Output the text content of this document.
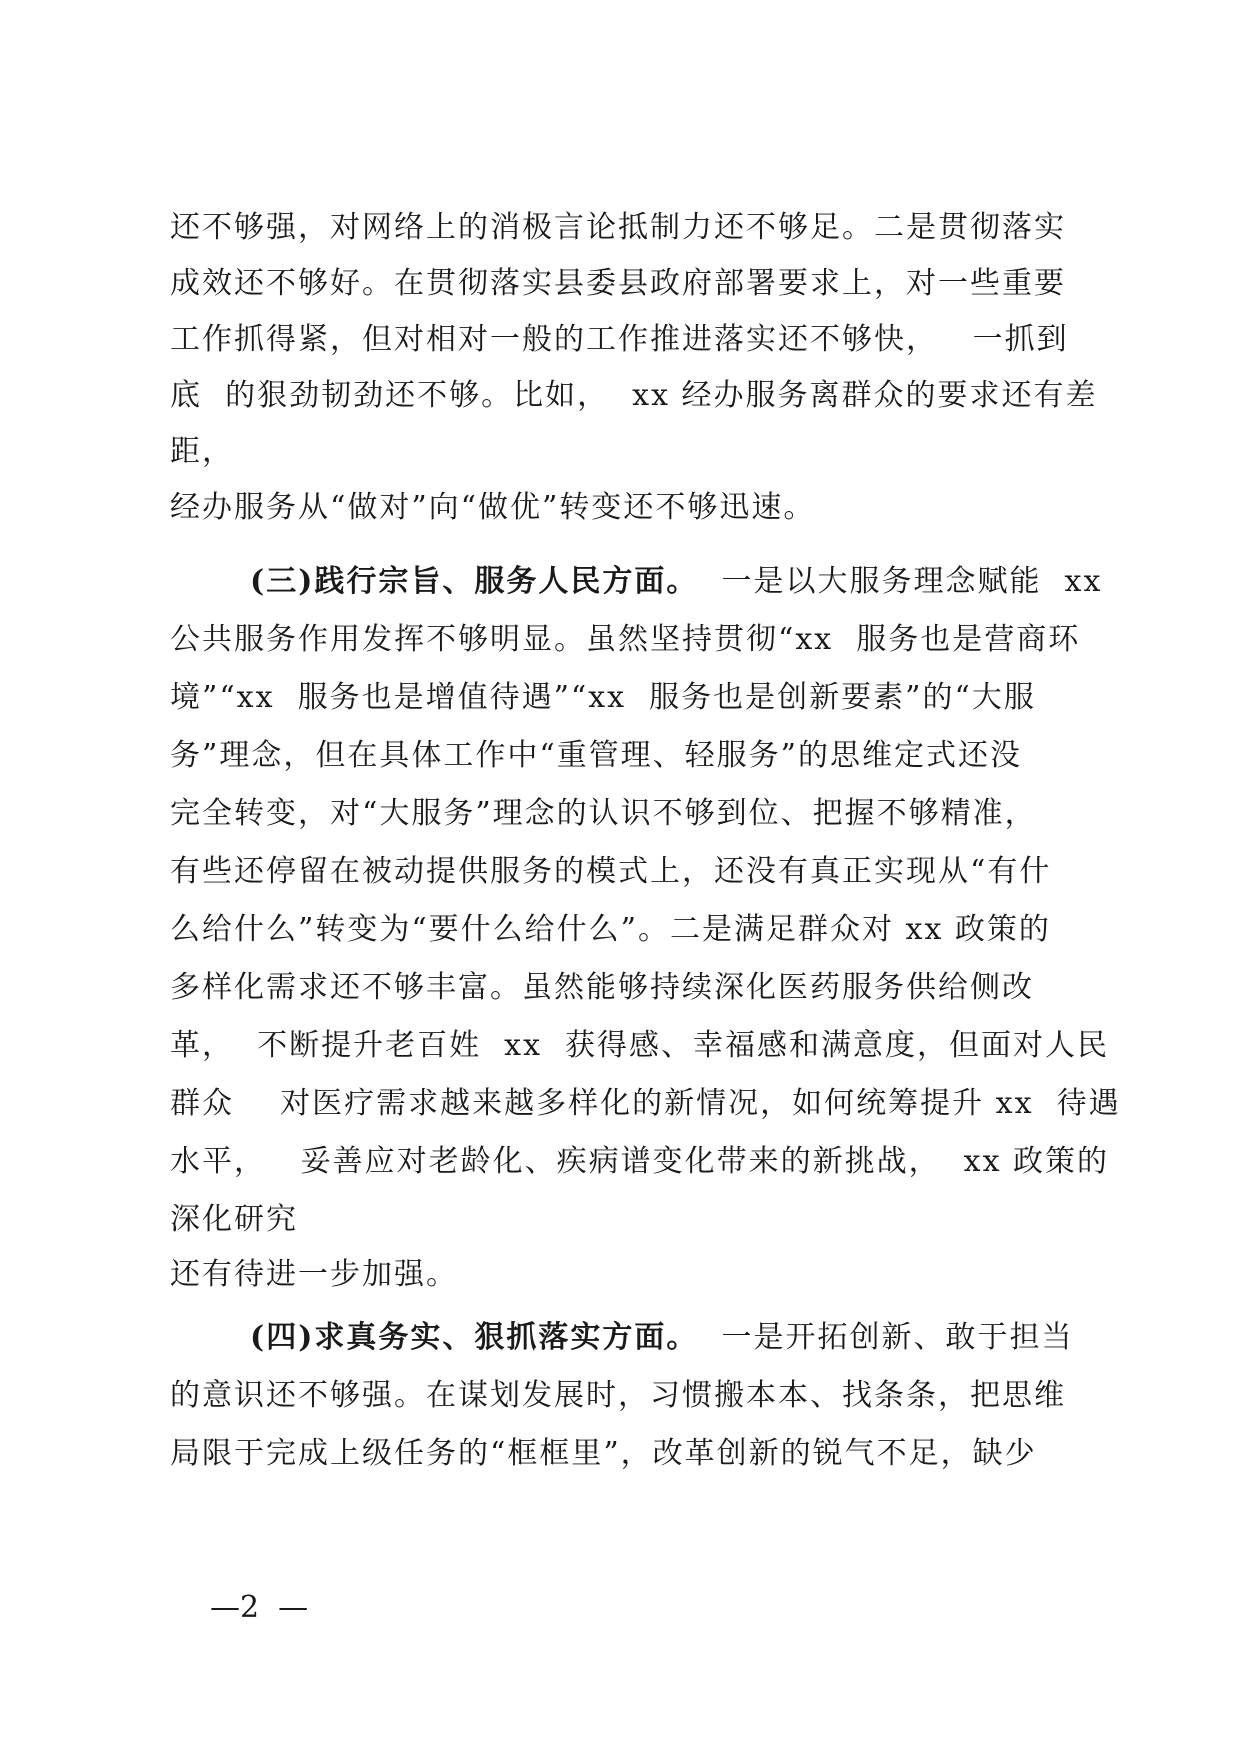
还不够强，对网络上的消极言论抵制力还不够足。二是贯彻落实
成效还不够好。在贯彻落实县委县政府部署要求上，对一些重要
工作抓得紧，但对相对一般的工作推进落实还不够快，   一抓到
底  的狠劲韧劲还不够。比如，  xx 经办服务离群众的要求还有差
距，
经办服务从“做对”向“做优”转变还不够迅速。
(三)践行宗旨、服务人民方面。  一是以大服务理念赋能  xx
公共服务作用发挥不够明显。虽然坚持贯彻“xx  服务也是营商环
境”“xx  服务也是增值待遇”“xx  服务也是创新要素”的“大服
务”理念，但在具体工作中“重管理、轻服务”的思维定式还没
完全转变，对“大服务”理念的认识不够到位、把握不够精准，
有些还停留在被动提供服务的模式上，还没有真正实现从“有什
么给什么”转变为“要什么给什么”。二是满足群众对 xx 政策的
多样化需求还不够丰富。虽然能够持续深化医药服务供给侧改
革，  不断提升老百姓  xx  获得感、幸福感和满意度，但面对人民
群众    对医疗需求越来越多样化的新情况，如何统筹提升 xx  待遇
水平，   妥善应对老龄化、疾病谱变化带来的新挑战，  xx 政策的
深化研究
还有待进一步加强。
(四)求真务实、狠抓落实方面。  一是开拓创新、敢于担当
的意识还不够强。在谋划发展时，习惯搬本本、找条条，把思维
局限于完成上级任务的“框框里”，改革创新的锐气不足，缺少
—2  —
